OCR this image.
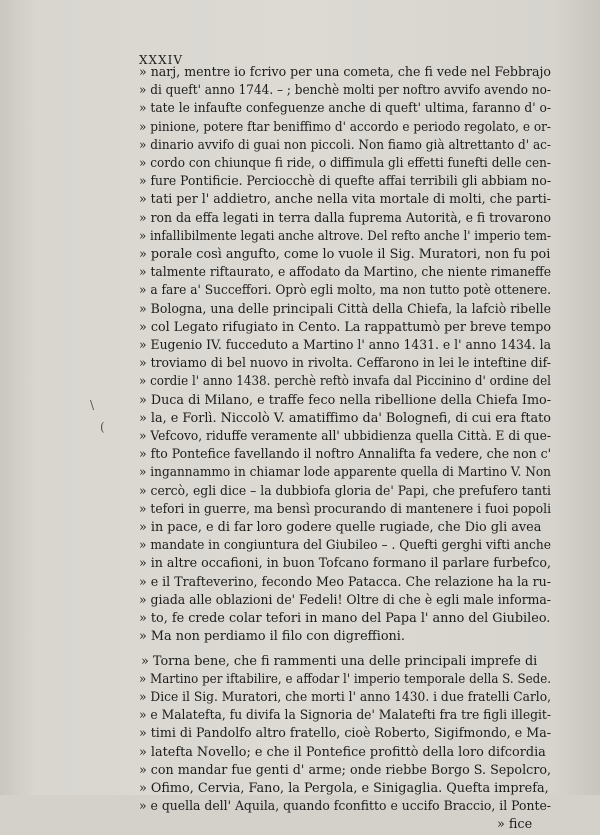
XXXIV
\
(
» narj, mentre io fcrivo per una cometa, che fi vede nel Febbrajo
» di queft' anno 1744. – ; benchè molti per noftro avvifo avendo no-
» tate le infaufte confeguenze anche di queft' ultima, faranno d' o-
» pinione, potere ftar beniffimo d' accordo e periodo regolato, e or-
» dinario avvifo di guai non piccoli. Non fiamo già altrettanto d' ac-
» cordo con chiunque fi ride, o diffimula gli effetti funefti delle cen-
» fure Pontificie. Perciocchè di quefte affai terribili gli abbiam no-
» tati per l' addietro, anche nella vita mortale di molti, che parti-
» ron da effa legati in terra dalla fuprema Autorità, e fi trovarono
» infallibilmente legati anche altrove. Del refto anche l' imperio tem-
» porale così angufto, come lo vuole il Sig. Muratori, non fu poi
» talmente riftaurato, e affodato da Martino, che niente rimaneffe
» a fare a' Succeffori. Oprò egli molto, ma non tutto potè ottenere.
» Bologna, una delle principali Città della Chiefa, la lafciò ribelle
» col Legato rifugiato in Cento. La rappattumò per breve tempo
» Eugenio IV. fucceduto a Martino l' anno 1431. e l' anno 1434. la
» troviamo di bel nuovo in rivolta. Ceffarono in lei le inteftine dif-
» cordie l' anno 1438. perchè reftò invafa dal Piccinino d' ordine del
» Duca di Milano, e traffe feco nella ribellione della Chiefa Imo-
» la, e Forlì. Niccolò V. amatiffimo da' Bolognefi, di cui era ftato
» Vefcovo, riduffe veramente all' ubbidienza quella Città. E di que-
» fto Pontefice favellando il noftro Annalifta fa vedere, che non c'
» ingannammo in chiamar lode apparente quella di Martino V. Non
» cercò, egli dice – la dubbiofa gloria de' Papi, che prefufero tanti
» tefori in guerre, ma bensì procurando di mantenere i fuoi popoli
» in pace, e di far loro godere quelle rugiade, che Dio gli avea
» mandate in congiuntura del Giubileo – . Quefti gerghi vifti anche
» in altre occafioni, in buon Tofcano formano il parlare furbefco,
» e il Trafteverino, fecondo Meo Patacca. Che relazione ha la ru-
» giada alle oblazioni de' Fedeli! Oltre di che è egli male informa-
» to, fe crede colar tefori in mano del Papa l' anno del Giubileo.
» Ma non perdiamo il filo con digreffioni.
» Torna bene, che fi rammenti una delle principali imprefe di
» Martino per iftabilire, e affodar l' imperio temporale della S. Sede.
» Dice il Sig. Muratori, che morti l' anno 1430. i due fratelli Carlo,
» e Malatefta, fu divifa la Signoria de' Malatefti fra tre figli illegit-
» timi di Pandolfo altro fratello, cioè Roberto, Sigifmondo, e Ma-
» latefta Novello; e che il Pontefice profittò della loro difcordia
» con mandar fue genti d' arme; onde riebbe Borgo S. Sepolcro,
» Ofimo, Cervia, Fano, la Pergola, e Sinigaglia. Quefta imprefa,
» e quella dell' Aquila, quando fconfitto e uccifo Braccio, il Ponte-
» fice
